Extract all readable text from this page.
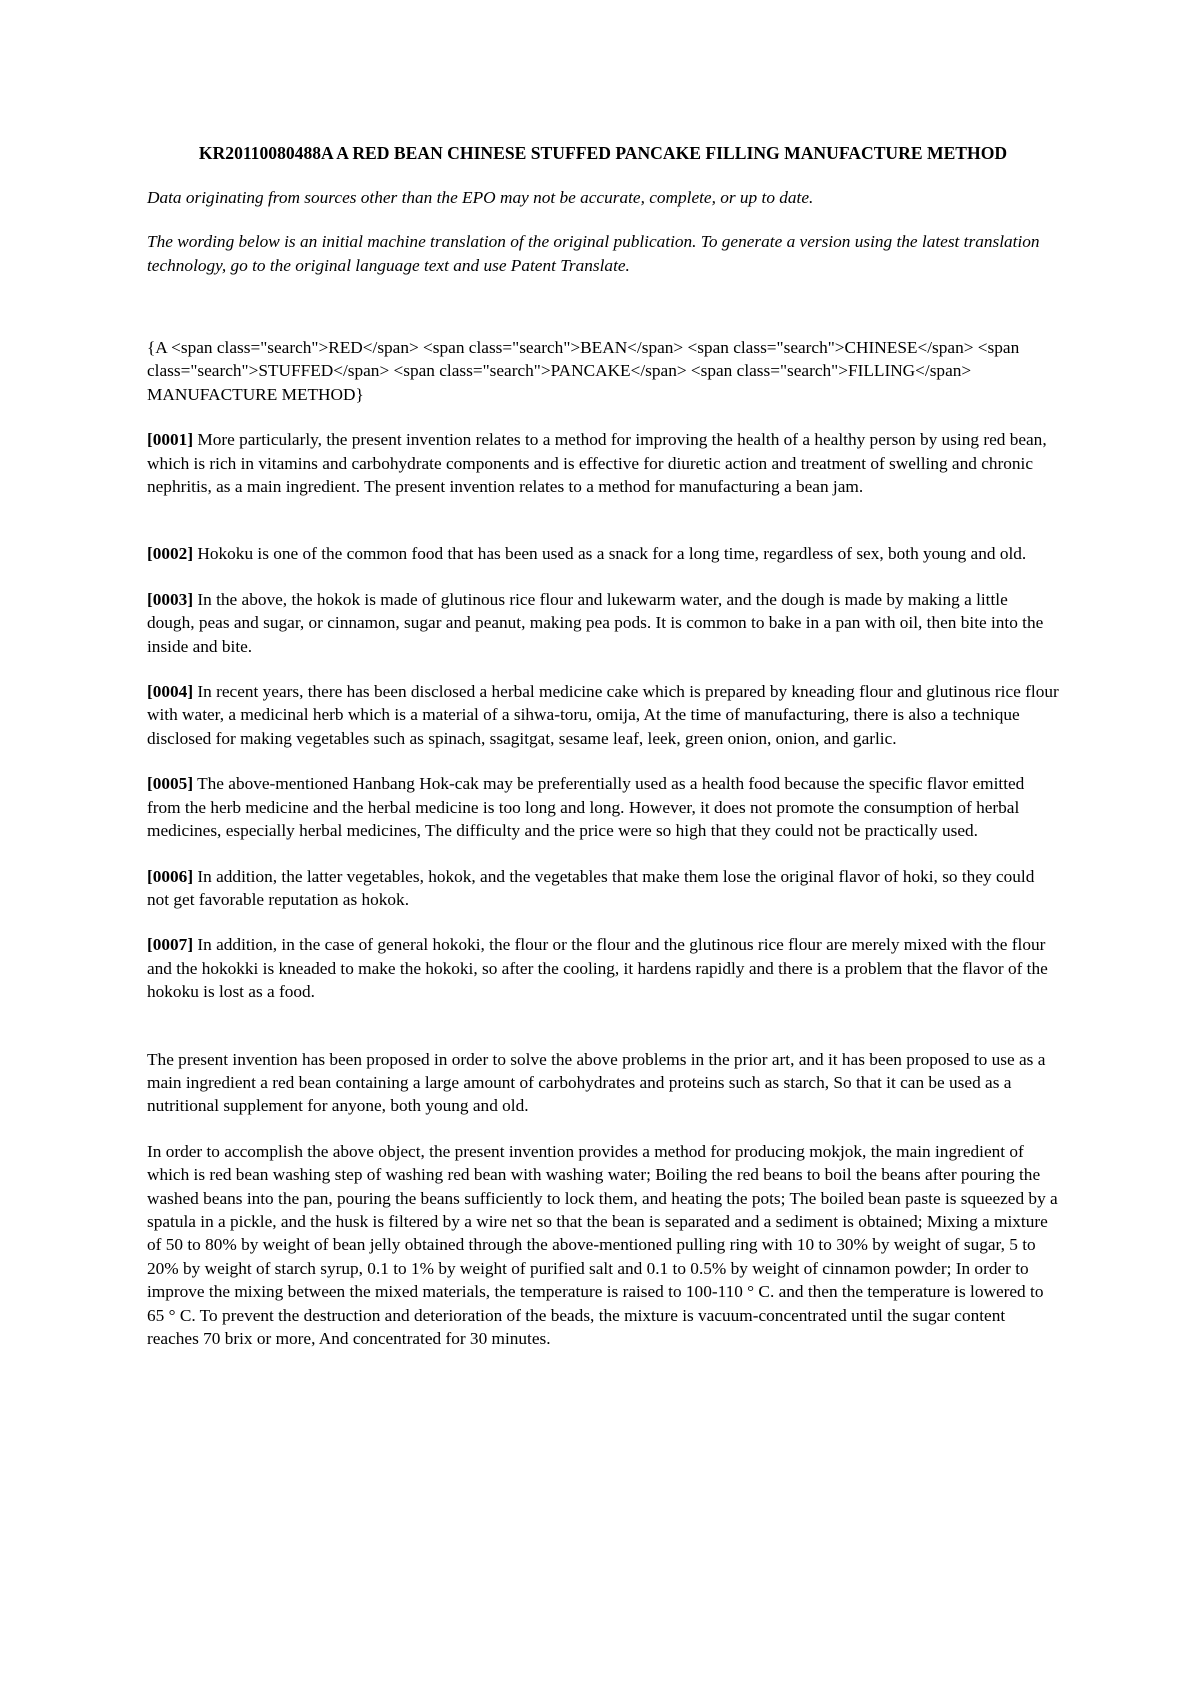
KR20110080488A A RED BEAN CHINESE STUFFED PANCAKE FILLING MANUFACTURE METHOD

Data originating from sources other than the EPO may not be accurate, complete, or up to date.

The wording below is an initial machine translation of the original publication. To generate a version using the latest translation technology, go to the original language text and use Patent Translate.

{A <span class="search">RED</span> <span class="search">BEAN</span> <span class="search">CHINESE</span> <span class="search">STUFFED</span> <span class="search">PANCAKE</span> <span class="search">FILLING</span> MANUFACTURE METHOD}

[0001] More particularly, the present invention relates to a method for improving the health of a healthy person by using red bean, which is rich in vitamins and carbohydrate components and is effective for diuretic action and treatment of swelling and chronic nephritis, as a main ingredient. The present invention relates to a method for manufacturing a bean jam.

[0002] Hokoku is one of the common food that has been used as a snack for a long time, regardless of sex, both young and old.

[0003] In the above, the hokok is made of glutinous rice flour and lukewarm water, and the dough is made by making a little dough, peas and sugar, or cinnamon, sugar and peanut, making pea pods. It is common to bake in a pan with oil, then bite into the inside and bite.

[0004] In recent years, there has been disclosed a herbal medicine cake which is prepared by kneading flour and glutinous rice flour with water, a medicinal herb which is a material of a sihwa-toru, omija, At the time of manufacturing, there is also a technique disclosed for making vegetables such as spinach, ssagitgat, sesame leaf, leek, green onion, onion, and garlic.

[0005] The above-mentioned Hanbang Hok-cak may be preferentially used as a health food because the specific flavor emitted from the herb medicine and the herbal medicine is too long and long. However, it does not promote the consumption of herbal medicines, especially herbal medicines, The difficulty and the price were so high that they could not be practically used.

[0006] In addition, the latter vegetables, hokok, and the vegetables that make them lose the original flavor of hoki, so they could not get favorable reputation as hokok.

[0007] In addition, in the case of general hokoki, the flour or the flour and the glutinous rice flour are merely mixed with the flour and the hokokki is kneaded to make the hokoki, so after the cooling, it hardens rapidly and there is a problem that the flavor of the hokoku is lost as a food.

The present invention has been proposed in order to solve the above problems in the prior art, and it has been proposed to use as a main ingredient a red bean containing a large amount of carbohydrates and proteins such as starch, So that it can be used as a nutritional supplement for anyone, both young and old.

In order to accomplish the above object, the present invention provides a method for producing mokjok, the main ingredient of which is red bean washing step of washing red bean with washing water; Boiling the red beans to boil the beans after pouring the washed beans into the pan, pouring the beans sufficiently to lock them, and heating the pots; The boiled bean paste is squeezed by a spatula in a pickle, and the husk is filtered by a wire net so that the bean is separated and a sediment is obtained; Mixing a mixture of 50 to 80% by weight of bean jelly obtained through the above-mentioned pulling ring with 10 to 30% by weight of sugar, 5 to 20% by weight of starch syrup, 0.1 to 1% by weight of purified salt and 0.1 to 0.5% by weight of cinnamon powder; In order to improve the mixing between the mixed materials, the temperature is raised to 100-110 ° C. and then the temperature is lowered to 65 ° C. To prevent the destruction and deterioration of the beads, the mixture is vacuum-concentrated until the sugar content reaches 70 brix or more, And concentrated for 30 minutes.
